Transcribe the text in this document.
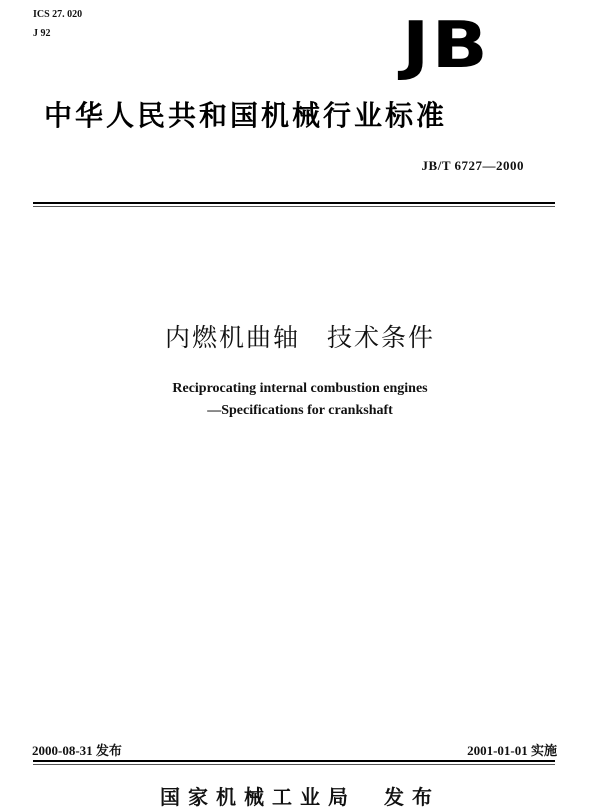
ICS 27. 020
J 92	JB
中华人民共和国机械行业标准
JB/T 6727—2000
内燃机曲轴　技术条件
Reciprocating internal combustion engines
—Specifications for crankshaft
2000-08-31 发布	2001-01-01 实施
国家机械工业局　发布
